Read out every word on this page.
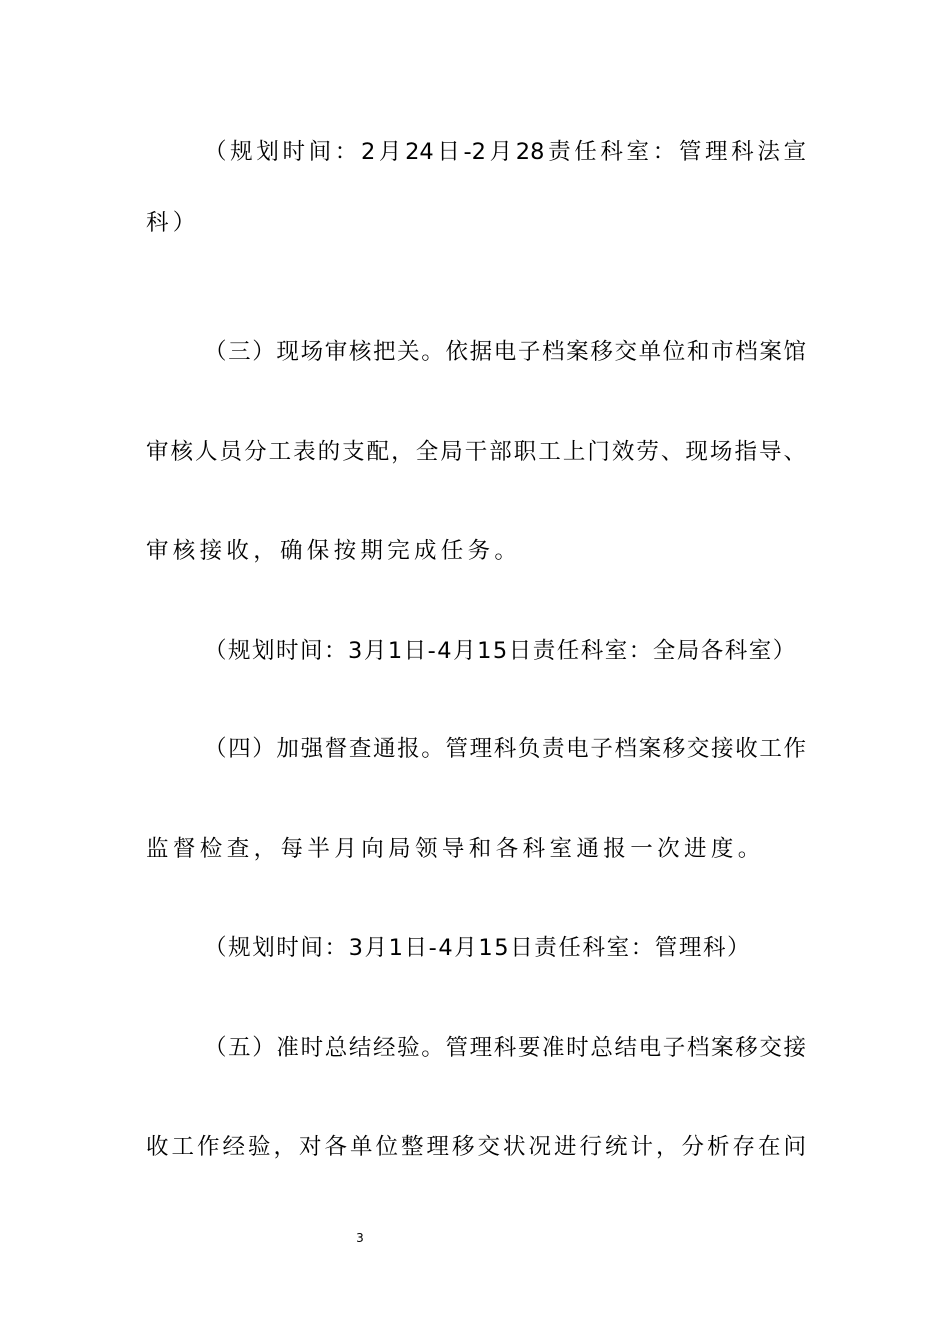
（规划时间：2月24日-2月28责任科室：管理科法宣
科）
（三）现场审核把关。依据电子档案移交单位和市档案馆
审核人员分工表的支配，全局干部职工上门效劳、现场指导、
审核接收，确保按期完成任务。
（规划时间：3月1日-4月15日责任科室：全局各科室）
（四）加强督查通报。管理科负责电子档案移交接收工作
监督检查，每半月向局领导和各科室通报一次进度。
（规划时间：3月1日-4月15日责任科室：管理科）
（五）准时总结经验。管理科要准时总结电子档案移交接
收工作经验，对各单位整理移交状况进行统计，分析存在问
3
